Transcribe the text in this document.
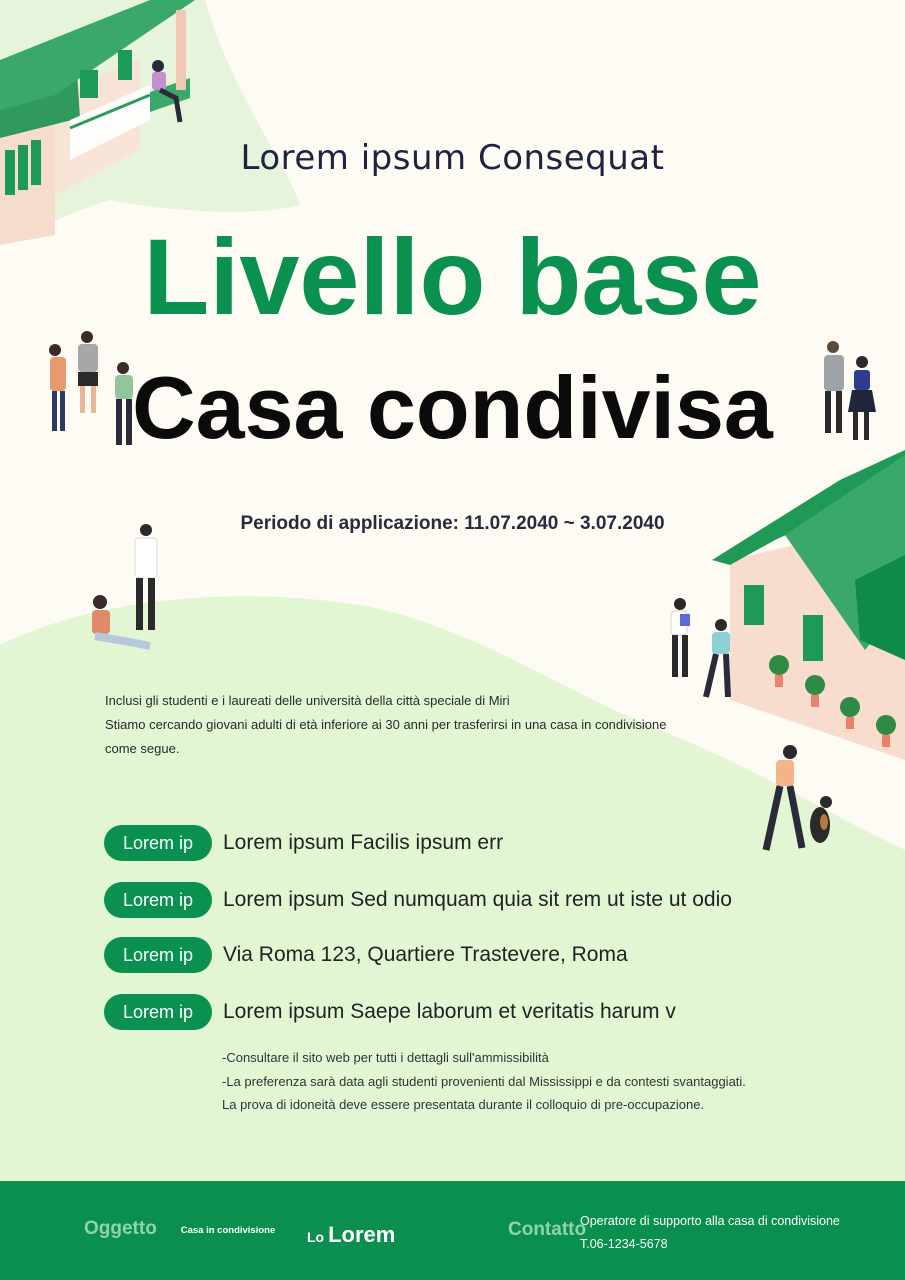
Lorem ipsum Consequat
Livello base
Casa condivisa
Periodo di applicazione: 11.07.2040 ~ 3.07.2040
Inclusi gli studenti e i laureati delle università della città speciale di Miri
Stiamo cercando giovani adulti di età inferiore ai 30 anni per trasferirsi in una casa in condivisione
come segue.
Lorem ip	Lorem ipsum Facilis ipsum err
Lorem ip	Lorem ipsum Sed numquam quia sit rem ut iste ut odio
Lorem ip	Via Roma 123, Quartiere Trastevere, Roma
Lorem ip	Lorem ipsum Saepe laborum et veritatis harum v
-Consultare il sito web per tutti i dettagli sull'ammissibilità
-La preferenza sarà data agli studenti provenienti dal Mississippi e da contesti svantaggiati.
La prova di idoneità deve essere presentata durante il colloquio di pre-occupazione.
Oggetto	Casa in condivisione	Lo Lorem	Contatto
Operatore di supporto alla casa di condivisione
T.06-1234-5678
